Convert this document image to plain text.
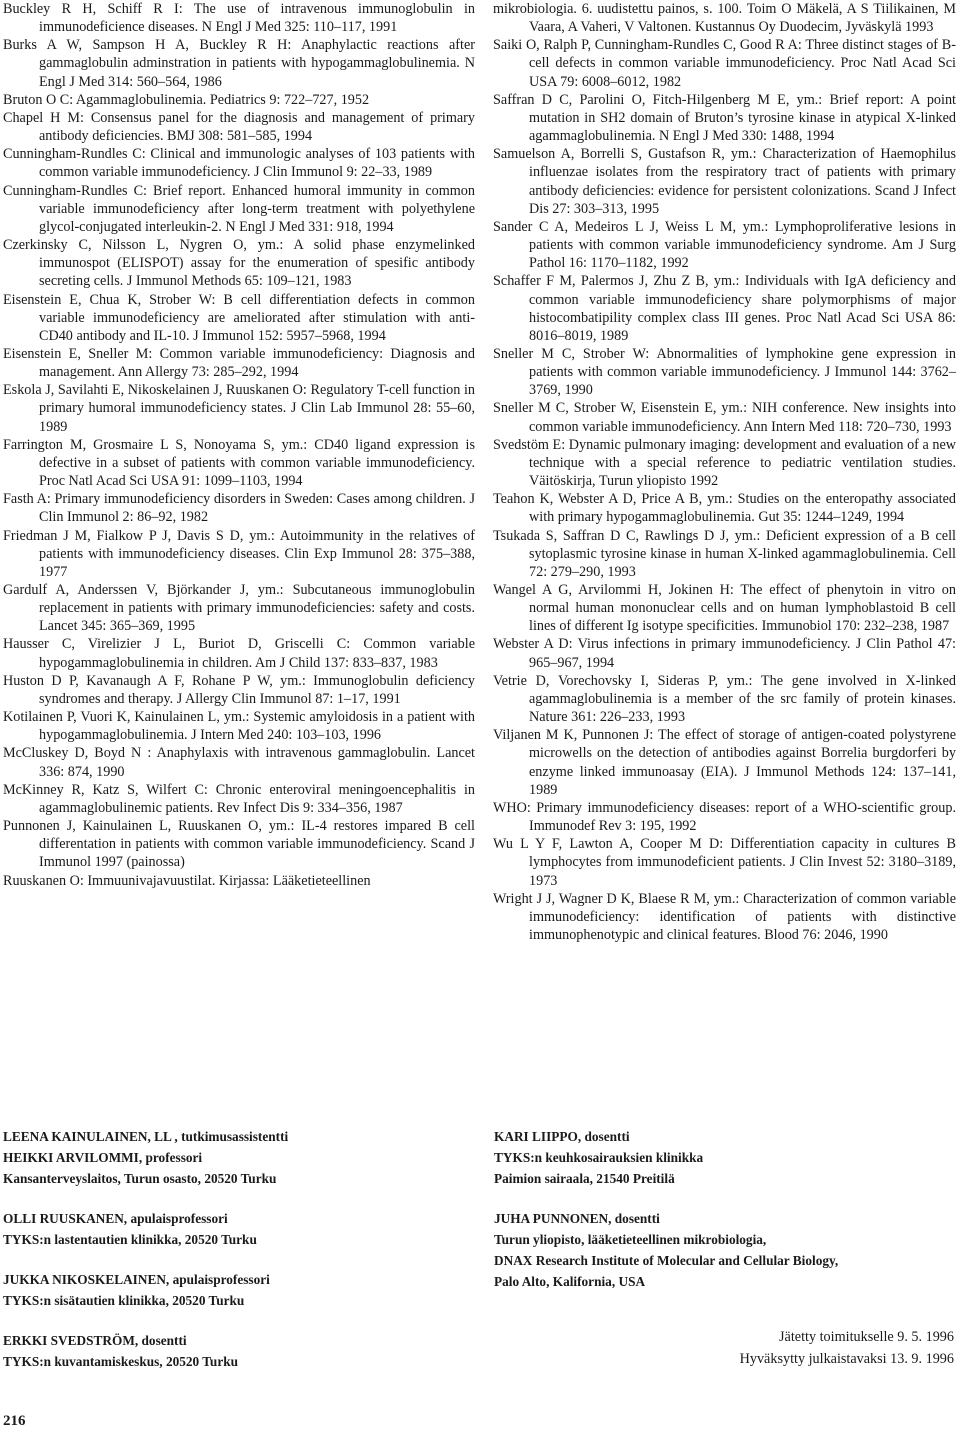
Buckley R H, Schiff R I: The use of intravenous immunoglobulin in immunodeficience diseases. N Engl J Med 325: 110–117, 1991

Burks A W, Sampson H A, Buckley R H: Anaphylactic reactions after gammaglobulin adminstration in patients with hypogammaglobulinemia. N Engl J Med 314: 560–564, 1986

Bruton O C: Agammaglobulinemia. Pediatrics 9: 722–727, 1952

Chapel H M: Consensus panel for the diagnosis and management of primary antibody deficiencies. BMJ 308: 581–585, 1994

Cunningham-Rundles C: Clinical and immunologic analyses of 103 patients with common variable immunodeficiency. J Clin Immunol 9: 22–33, 1989

Cunningham-Rundles C: Brief report. Enhanced humoral immunity in common variable immunodeficiency after long-term treatment with polyethylene glycol-conjugated interleukin-2. N Engl J Med 331: 918, 1994

Czerkinsky C, Nilsson L, Nygren O, ym.: A solid phase enzymelinked immunospot (ELISPOT) assay for the enumeration of spesific antibody secreting cells. J Immunol Methods 65: 109–121, 1983

Eisenstein E, Chua K, Strober W: B cell differentiation defects in common variable immunodeficiency are ameliorated after stimulation with anti-CD40 antibody and IL-10. J Immunol 152: 5957–5968, 1994

Eisenstein E, Sneller M: Common variable immunodeficiency: Diagnosis and management. Ann Allergy 73: 285–292, 1994

Eskola J, Savilahti E, Nikoskelainen J, Ruuskanen O: Regulatory T-cell function in primary humoral immunodeficiency states. J Clin Lab Immunol 28: 55–60, 1989

Farrington M, Grosmaire L S, Nonoyama S, ym.: CD40 ligand expression is defective in a subset of patients with common variable immunodeficiency. Proc Natl Acad Sci USA 91: 1099–1103, 1994

Fasth A: Primary immunodeficiency disorders in Sweden: Cases among children. J Clin Immunol 2: 86–92, 1982

Friedman J M, Fialkow P J, Davis S D, ym.: Autoimmunity in the relatives of patients with immunodeficiency diseases. Clin Exp Immunol 28: 375–388, 1977

Gardulf A, Anderssen V, Björkander J, ym.: Subcutaneous immunoglobulin replacement in patients with primary immunodeficiencies: safety and costs. Lancet 345: 365–369, 1995

Hausser C, Virelizier J L, Buriot D, Griscelli C: Common variable hypogammaglobulinemia in children. Am J Child 137: 833–837, 1983

Huston D P, Kavanaugh A F, Rohane P W, ym.: Immunoglobulin deficiency syndromes and therapy. J Allergy Clin Immunol 87: 1–17, 1991

Kotilainen P, Vuori K, Kainulainen L, ym.: Systemic amyloidosis in a patient with hypogammaglobulinemia. J Intern Med 240: 103–103, 1996

McCluskey D, Boyd N : Anaphylaxis with intravenous gammaglobulin. Lancet 336: 874, 1990

McKinney R, Katz S, Wilfert C: Chronic enteroviral meningoencephalitis in agammaglobulinemic patients. Rev Infect Dis 9: 334–356, 1987

Punnonen J, Kainulainen L, Ruuskanen O, ym.: IL-4 restores impared B cell differentation in patients with common variable immunodeficiency. Scand J Immunol 1997 (painossa)

Ruuskanen O: Immuunivajavuustilat. Kirjassa: Lääketieteellinen

mikrobiologia. 6. uudistettu painos, s. 100. Toim O Mäkelä, A S Tiilikainen, M Vaara, A Vaheri, V Valtonen. Kustannus Oy Duodecim, Jyväskylä 1993

Saiki O, Ralph P, Cunningham-Rundles C, Good R A: Three distinct stages of B-cell defects in common variable immunodeficiency. Proc Natl Acad Sci USA 79: 6008–6012, 1982

Saffran D C, Parolini O, Fitch-Hilgenberg M E, ym.: Brief report: A point mutation in SH2 domain of Bruton’s tyrosine kinase in atypical X-linked agammaglobulinemia. N Engl J Med 330: 1488, 1994

Samuelson A, Borrelli S, Gustafson R, ym.: Characterization of Haemophilus influenzae isolates from the respiratory tract of patients with primary antibody deficiencies: evidence for persistent colonizations. Scand J Infect Dis 27: 303–313, 1995

Sander C A, Medeiros L J, Weiss L M, ym.: Lymphoproliferative lesions in patients with common variable immunodeficiency syndrome. Am J Surg Pathol 16: 1170–1182, 1992

Schaffer F M, Palermos J, Zhu Z B, ym.: Individuals with IgA deficiency and common variable immunodeficiency share polymorphisms of major histocombatipility complex class III genes. Proc Natl Acad Sci USA 86: 8016–8019, 1989

Sneller M C, Strober W: Abnormalities of lymphokine gene expression in patients with common variable immunodeficiency. J Immunol 144: 3762–3769, 1990

Sneller M C, Strober W, Eisenstein E, ym.: NIH conference. New insights into common variable immunodeficiency. Ann Intern Med 118: 720–730, 1993

Svedstöm E: Dynamic pulmonary imaging: development and evaluation of a new technique with a special reference to pediatric ventilation studies. Väitöskirja, Turun yliopisto 1992

Teahon K, Webster A D, Price A B, ym.: Studies on the enteropathy associated with primary hypogammaglobulinemia. Gut 35: 1244–1249, 1994

Tsukada S, Saffran D C, Rawlings D J, ym.: Deficient expression of a B cell sytoplasmic tyrosine kinase in human X-linked agammaglobulinemia. Cell 72: 279–290, 1993

Wangel A G, Arvilommi H, Jokinen H: The effect of phenytoin in vitro on normal human mononuclear cells and on human lymphoblastoid B cell lines of different Ig isotype specificities. Immunobiol 170: 232–238, 1987

Webster A D: Virus infections in primary immunodeficiency. J Clin Pathol 47: 965–967, 1994

Vetrie D, Vorechovsky I, Sideras P, ym.: The gene involved in X-linked agammaglobulinemia is a member of the src family of protein kinases. Nature 361: 226–233, 1993

Viljanen M K, Punnonen J: The effect of storage of antigen-coated polystyrene microwells on the detection of antibodies against Borrelia burgdorferi by enzyme linked immunoasay (EIA). J Immunol Methods 124: 137–141, 1989

WHO: Primary immunodeficiency diseases: report of a WHO-scientific group. Immunodef Rev 3: 195, 1992

Wu L Y F, Lawton A, Cooper M D: Differentiation capacity in cultures B lymphocytes from immunodeficient patients. J Clin Invest 52: 3180–3189, 1973

Wright J J, Wagner D K, Blaese R M, ym.: Characterization of common variable immunodeficiency: identification of patients with distinctive immunophenotypic and clinical features. Blood 76: 2046, 1990

LEENA KAINULAINEN, LL , tutkimusassistentti
HEIKKI ARVILOMMI, professori
Kansanterveyslaitos, Turun osasto, 20520 Turku
OLLI RUUSKANEN, apulaisprofessori
TYKS:n lastentautien klinikka, 20520 Turku
JUKKA NIKOSKELAINEN, apulaisprofessori
TYKS:n sisätautien klinikka, 20520 Turku
ERKKI SVEDSTRÖM, dosentti
TYKS:n kuvantamiskeskus, 20520 Turku
KARI LIIPPO, dosentti
TYKS:n keuhkosairauksien klinikka
Paimion sairaala, 21540 Preitilä
JUHA PUNNONEN, dosentti
Turun yliopisto, lääketieteellinen mikrobiologia,
DNAX Research Institute of Molecular and Cellular Biology,
Palo Alto, Kalifornia, USA
Jätetty toimitukselle 9. 5. 1996
Hyväksytty julkaistavaksi 13. 9. 1996
216
